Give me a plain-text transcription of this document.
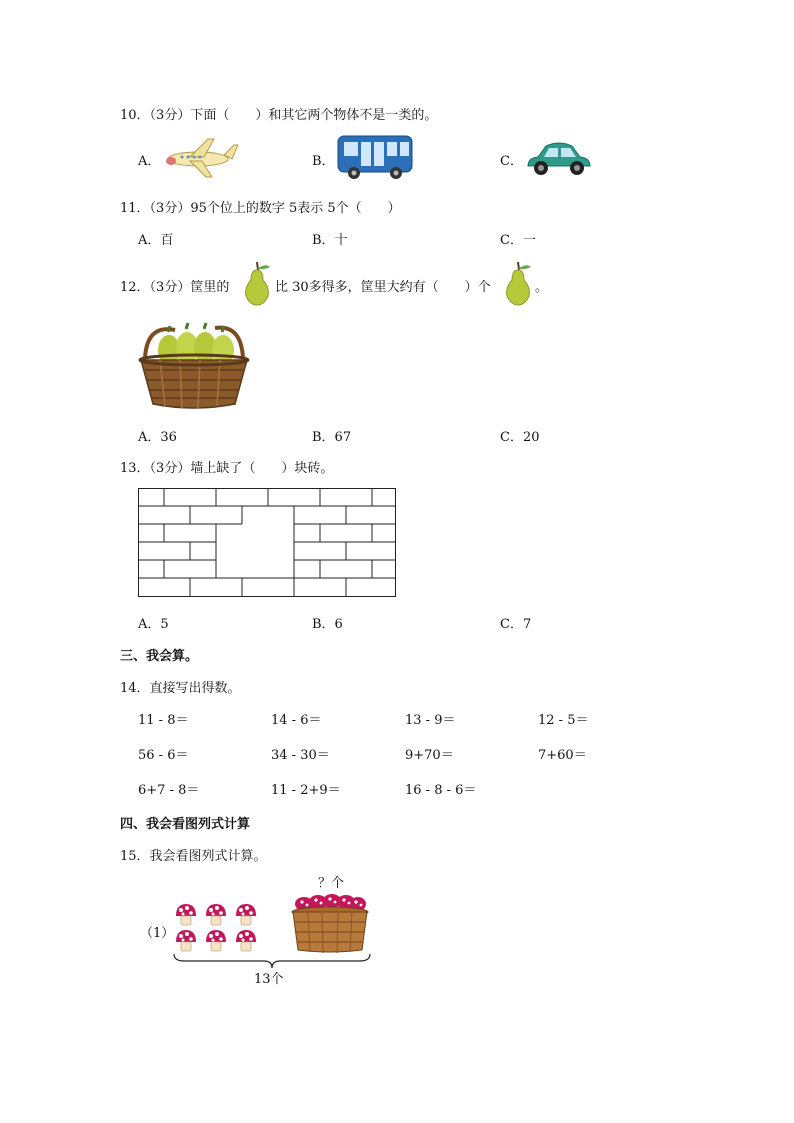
10．（3分）下面（　　）和其它两个物体不是一类的。
A．	B．	C．
11．（3分）95个位上的数字 5表示 5个（　　）
A．百	B．十	C．一
12．（3分）筐里的	比 30多得多，筐里大约有（　　）个	。
A．36	B．67	C．20
13．（3分）墙上缺了（　　）块砖。
A．5	B．6	C．7
三、我会算。
14．直接写出得数。
11 - 8＝	14 - 6＝	13 - 9＝	12 - 5＝
56 - 6＝	34 - 30＝	9+70＝	7+60＝
6+7 - 8＝	11 - 2+9＝	16 - 8 - 6＝
四、我会看图列式计算
15．我会看图列式计算。
（1）
？个
13个
